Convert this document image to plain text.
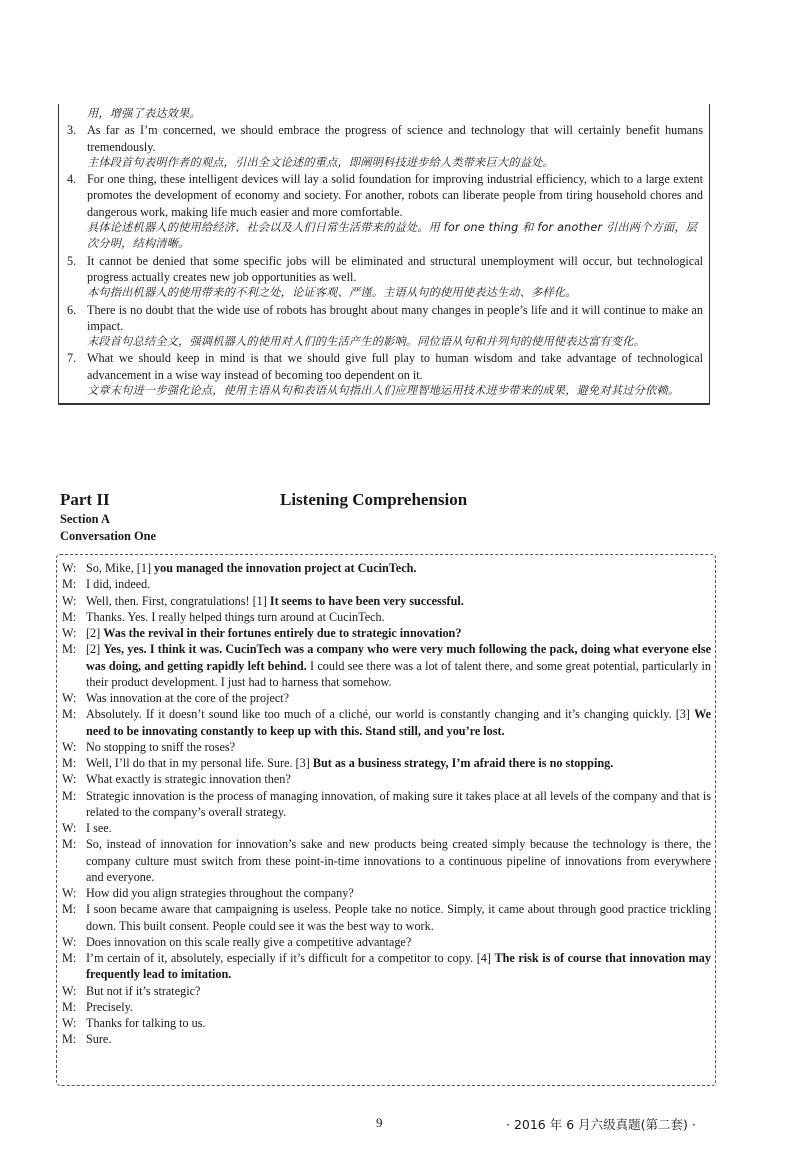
用，增强了表达效果。
3. As far as I’m concerned, we should embrace the progress of science and technology that will certainly benefit humans tremendously.
主体段首句表明作者的观点，引出全文论述的重点，即阐明科技进步给人类带来巨大的益处。
4. For one thing, these intelligent devices will lay a solid foundation for improving industrial efficiency, which to a large extent promotes the development of economy and society. For another, robots can liberate people from tiring household chores and dangerous work, making life much easier and more comfortable.
具体论述机器人的使用给经济、社会以及人们日常生活带来的益处。用 for one thing 和 for another 引出两个方面，层次分明，结构清晰。
5. It cannot be denied that some specific jobs will be eliminated and structural unemployment will occur, but technological progress actually creates new job opportunities as well.
本句指出机器人的使用带来的不利之处，论证客观、严谨。主语从句的使用使表达生动、多样化。
6. There is no doubt that the wide use of robots has brought about many changes in people’s life and it will continue to make an impact.
末段首句总结全文，强调机器人的使用对人们的生活产生的影响。同位语从句和并列句的使用使表达富有变化。
7. What we should keep in mind is that we should give full play to human wisdom and take advantage of technological advancement in a wise way instead of becoming too dependent on it.
文章末句进一步强化论点，使用主语从句和表语从句指出人们应理智地运用技术进步带来的成果，避免对其过分依赖。
Part II	Listening Comprehension
Section A
Conversation One
W: So, Mike, [1] you managed the innovation project at CucinTech.
M: I did, indeed.
W: Well, then. First, congratulations! [1] It seems to have been very successful.
M: Thanks. Yes. I really helped things turn around at CucinTech.
W: [2] Was the revival in their fortunes entirely due to strategic innovation?
M: [2] Yes, yes. I think it was. CucinTech was a company who were very much following the pack, doing what everyone else was doing, and getting rapidly left behind. I could see there was a lot of talent there, and some great potential, particularly in their product development. I just had to harness that somehow.
W: Was innovation at the core of the project?
M: Absolutely. If it doesn’t sound like too much of a cliché, our world is constantly changing and it’s changing quickly. [3] We need to be innovating constantly to keep up with this. Stand still, and you’re lost.
W: No stopping to sniff the roses?
M: Well, I’ll do that in my personal life. Sure. [3] But as a business strategy, I’m afraid there is no stopping.
W: What exactly is strategic innovation then?
M: Strategic innovation is the process of managing innovation, of making sure it takes place at all levels of the company and that is related to the company’s overall strategy.
W: I see.
M: So, instead of innovation for innovation’s sake and new products being created simply because the technology is there, the company culture must switch from these point-in-time innovations to a continuous pipeline of innovations from everywhere and everyone.
W: How did you align strategies throughout the company?
M: I soon became aware that campaigning is useless. People take no notice. Simply, it came about through good practice trickling down. This built consent. People could see it was the best way to work.
W: Does innovation on this scale really give a competitive advantage?
M: I’m certain of it, absolutely, especially if it’s difficult for a competitor to copy. [4] The risk is of course that innovation may frequently lead to imitation.
W: But not if it’s strategic?
M: Precisely.
W: Thanks for talking to us.
M: Sure.
9	· 2016 年 6 月六级真题(第二套) ·
